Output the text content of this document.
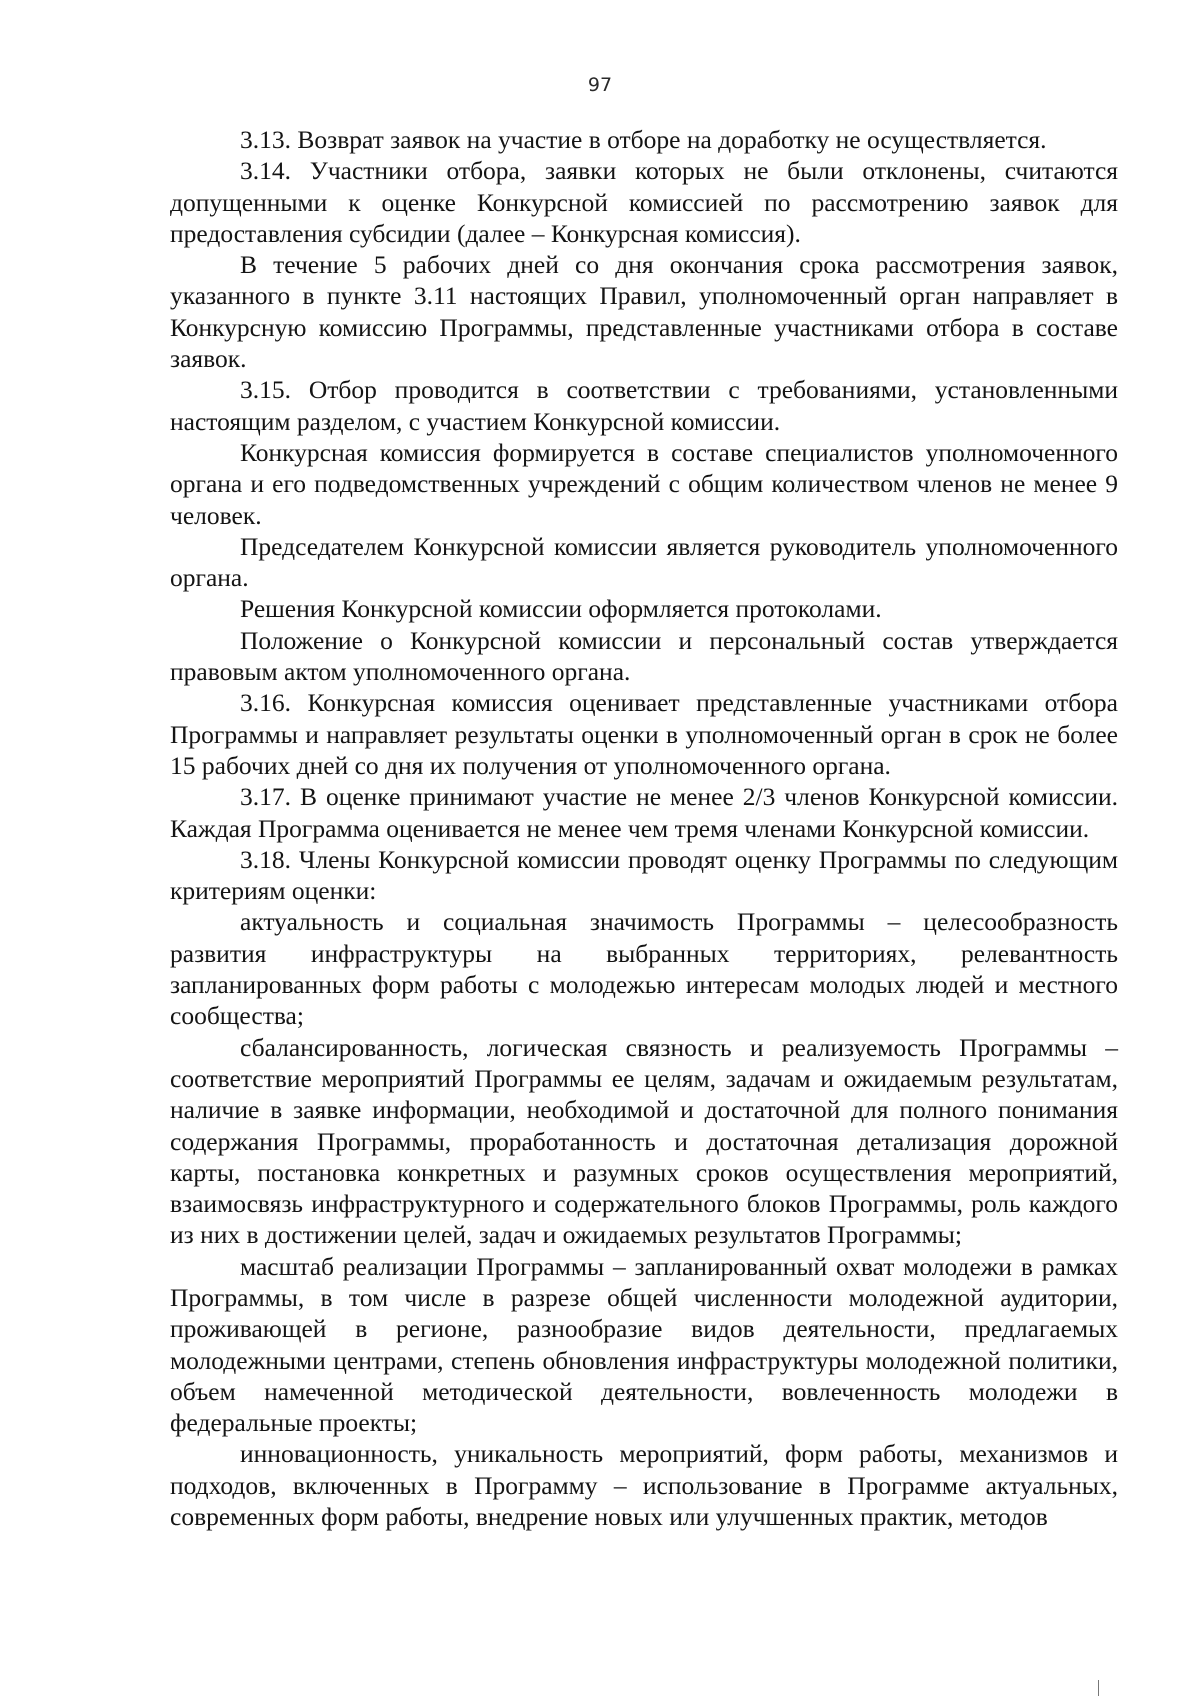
97

3.13. Возврат заявок на участие в отборе на доработку не осуществляется.

3.14. Участники отбора, заявки которых не были отклонены, считаются допущенными к оценке Конкурсной комиссией по рассмотрению заявок для предоставления субсидии (далее – Конкурсная комиссия).

В течение 5 рабочих дней со дня окончания срока рассмотрения заявок, указанного в пункте 3.11 настоящих Правил, уполномоченный орган направляет в Конкурсную комиссию Программы, представленные участниками отбора в составе заявок.

3.15. Отбор проводится в соответствии с требованиями, установленными настоящим разделом, с участием Конкурсной комиссии.

Конкурсная комиссия формируется в составе специалистов уполномоченного органа и его подведомственных учреждений с общим количеством членов не менее 9 человек.

Председателем Конкурсной комиссии является руководитель уполномоченного органа.

Решения Конкурсной комиссии оформляется протоколами.

Положение о Конкурсной комиссии и персональный состав утверждается правовым актом уполномоченного органа.

3.16. Конкурсная комиссия оценивает представленные участниками отбора Программы и направляет результаты оценки в уполномоченный орган в срок не более 15 рабочих дней со дня их получения от уполномоченного органа.

3.17. В оценке принимают участие не менее 2/3 членов Конкурсной комиссии. Каждая Программа оценивается не менее чем тремя членами Конкурсной комиссии.

3.18. Члены Конкурсной комиссии проводят оценку Программы по следующим критериям оценки:

актуальность и социальная значимость Программы – целесообразность развития инфраструктуры на выбранных территориях, релевантность запланированных форм работы с молодежью интересам молодых людей и местного сообщества;

сбалансированность, логическая связность и реализуемость Программы – соответствие мероприятий Программы ее целям, задачам и ожидаемым результатам, наличие в заявке информации, необходимой и достаточной для полного понимания содержания Программы, проработанность и достаточная детализация дорожной карты, постановка конкретных и разумных сроков осуществления мероприятий, взаимосвязь инфраструктурного и содержательного блоков Программы, роль каждого из них в достижении целей, задач и ожидаемых результатов Программы;

масштаб реализации Программы – запланированный охват молодежи в рамках Программы, в том числе в разрезе общей численности молодежной аудитории, проживающей в регионе, разнообразие видов деятельности, предлагаемых молодежными центрами, степень обновления инфраструктуры молодежной политики, объем намеченной методической деятельности, вовлеченность молодежи в федеральные проекты;

инновационность, уникальность мероприятий, форм работы, механизмов и подходов, включенных в Программу – использование в Программе актуальных, современных форм работы, внедрение новых или улучшенных практик, методов
